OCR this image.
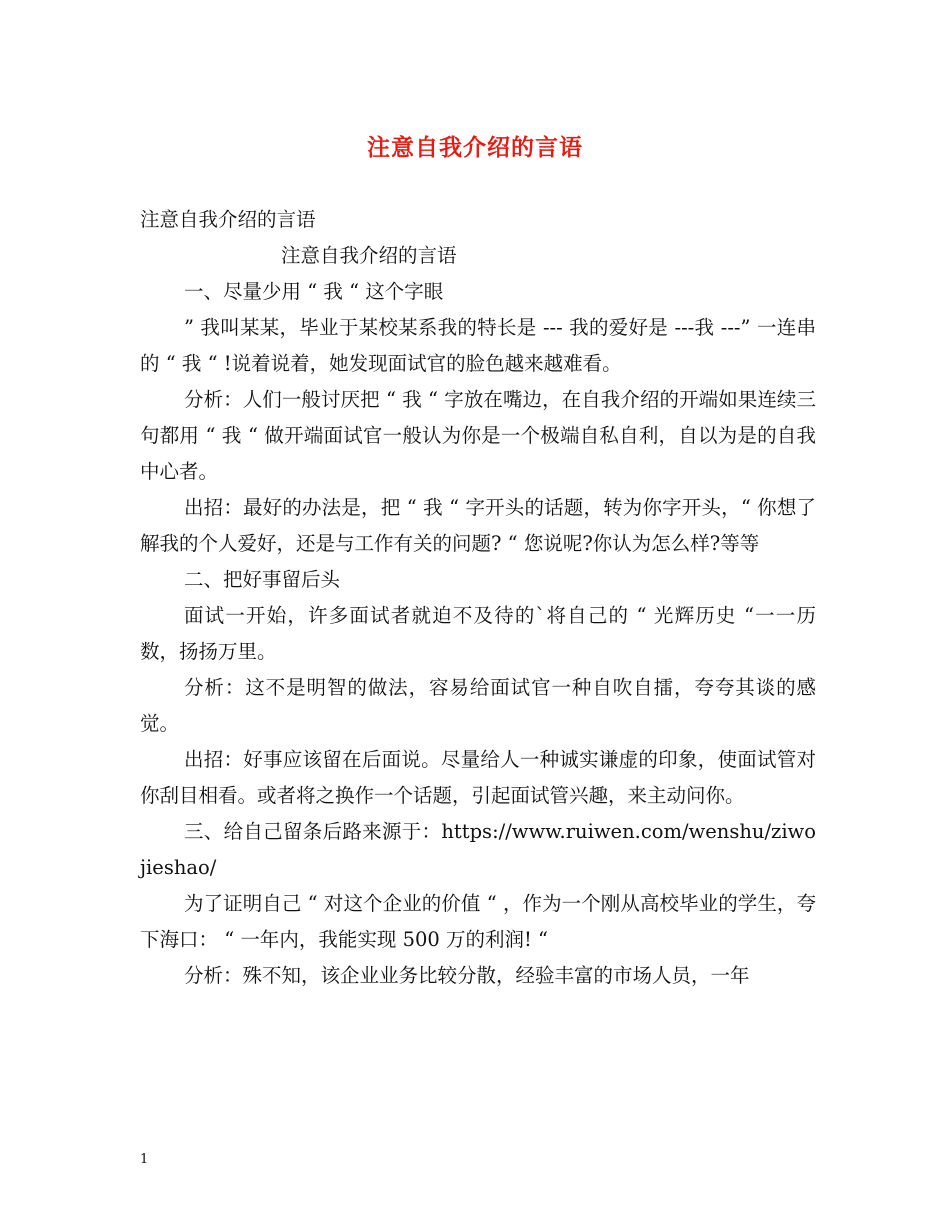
注意自我介绍的言语

注意自我介绍的言语

注意自我介绍的言语

一、尽量少用 “ 我 “ 这个字眼

” 我叫某某，毕业于某校某系我的特长是 --- 我的爱好是 ---我 ---” 一连串的 “ 我 “ !说着说着，她发现面试官的脸色越来越难看。

分析：人们一般讨厌把 “ 我 “ 字放在嘴边，在自我介绍的开端如果连续三句都用 “ 我 “ 做开端面试官一般认为你是一个极端自私自利，自以为是的自我中心者。

出招：最好的办法是，把 “ 我 “ 字开头的话题，转为你字开头，“ 你想了解我的个人爱好，还是与工作有关的问题? “ 您说呢?你认为怎么样?等等

二、把好事留后头

面试一开始，许多面试者就迫不及待的`将自己的 “ 光辉历史 “一一历数，扬扬万里。

分析：这不是明智的做法，容易给面试官一种自吹自擂，夸夸其谈的感觉。

出招：好事应该留在后面说。尽量给人一种诚实谦虚的印象，使面试管对你刮目相看。或者将之换作一个话题，引起面试管兴趣，来主动问你。

三、给自己留条后路来源于：https://www.ruiwen.com/wenshu/ziwojieshao/

为了证明自己 “ 对这个企业的价值 “ ，作为一个刚从高校毕业的学生，夸下海口： “ 一年内，我能实现 500 万的利润! “

分析：殊不知，该企业业务比较分散，经验丰富的市场人员，一年

1
